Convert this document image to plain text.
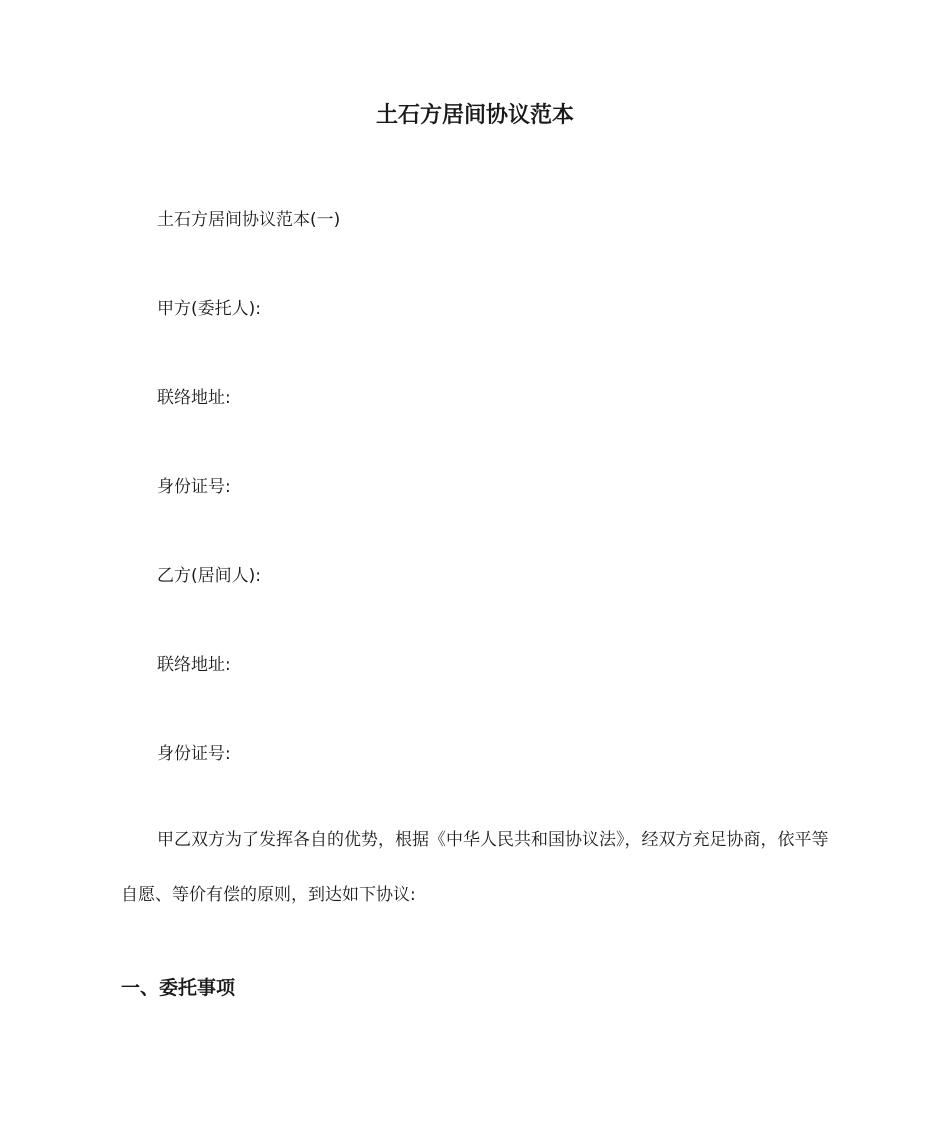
土石方居间协议范本

土石方居间协议范本(一)

甲方(委托人):

联络地址:

身份证号:

乙方(居间人):

联络地址:

身份证号:

甲乙双方为了发挥各自的优势，根据《中华人民共和国协议法》，经双方充足协商，依平等自愿、等价有偿的原则，到达如下协议:

一、委托事项
